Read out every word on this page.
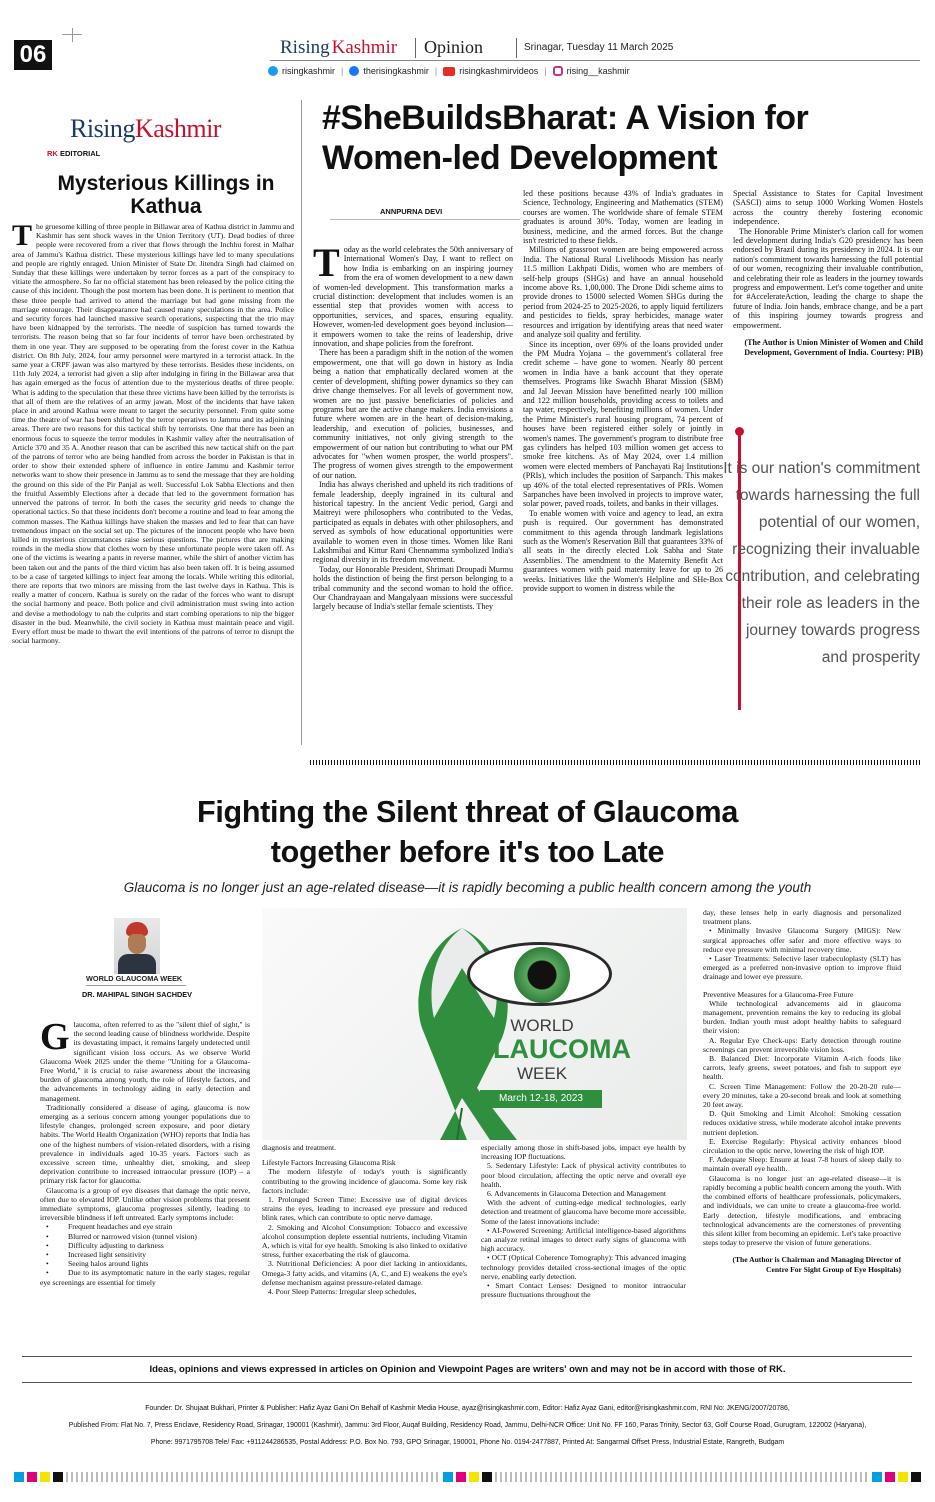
06	Rising Kashmir Opinion	Srinagar, Tuesday 11 March 2025
risingkashmir | therisingkashmir | risingkashmirvideos | rising__kashmir
RisingKashmir
RK EDITORIAL
Mysterious Killings in Kathua
T he gruesome killing of three people in Billawar area of Kathua district in Jammu and Kashmir has sent shock waves in the Union Territory (UT). Dead bodies of three people were recovered from a river that flows through the Inchhu forest in Malhar area of Jammu's Kathua district. These mysterious killings have led to many speculations and people are rightly enraged. Union Minister of State Dr. Jitendra Singh had claimed on Sunday that these killings were undertaken by terror forces as a part of the conspiracy to vitiate the atmosphere. So far no official statement has been released by the police citing the cause of this incident. Though the post mortem has been done. It is pertinent to mention that these three people had arrived to attend the marriage but had gone missing from the marriage entourage. Their disappearance had caused many speculations in the area. Police and security forces had launched massive search operations, suspecting that the trio may have been kidnapped by the terrorists. The needle of suspicion has turned towards the terrorists. The reason being that so far four incidents of terror have been orchestrated by them in one year. They are supposed to be operating from the forest cover in the Kathua district. On 8th July, 2024, four army personnel were martyred in a terrorist attack. In the same year a CRPF jawan was also martyred by these terrorists. Besides these incidents, on 11th July 2024, a terrorist had given a slip after indulging in firing in the Billawar area that has again emerged as the focus of attention due to the mysterious deaths of three people. What is adding to the speculation that these three victims have been killed by the terrorists is that all of them are the relatives of an army jawan. Most of the incidents that have taken place in and around Kathua were meant to target the security personnel. From quite some time the theatre of war has been shifted by the terror operatives to Jammu and its adjoining areas. There are two reasons for this tactical shift by terrorists. One that there has been an enormous focus to squeeze the terror modules in Kashmir valley after the neutralisation of Article 370 and 35 A. Another reason that can be ascribed this new tactical shift on the part of the patrons of terror who are being handled from across the border in Pakistan is that in order to show their extended sphere of influence in entire Jammu and Kashmir terror networks want to show their presence in Jammu as to send the message that they are holding the ground on this side of the Pir Panjal as well. Successful Lok Sabha Elections and then the fruitful Assembly Elections after a decade that led to the government formation has unnerved the patrons of terror. In both the cases the security grid needs to change the operational tactics. So that these incidents don't become a routine and lead to fear among the common masses. The Kathua killings have shaken the masses and led to fear that can have tremendous impact on the social set up. The pictures of the innocent people who have been killed in mysterious circumstances raise serious questions. The pictures that are making rounds in the media show that clothes worn by these unfortunate people were taken off. As one of the victims is wearing a pants in reverse manner, while the shirt of another victim has been taken out and the pants of the third victim has also been taken off. It is being assumed to be a case of targeted killings to inject fear among the locals. While writing this editorial, there are reports that two minors are missing from the last twelve days in Kathua. This is really a matter of concern. Kathua is surely on the radar of the forces who want to disrupt the social harmony and peace. Both police and civil administration must swing into action and devise a methodology to nab the culprits and start combing operations to nip the bigger disaster in the bud. Meanwhile, the civil society in Kathua must maintain peace and vigil. Every effort must be made to thwart the evil intentions of the patrons of terror to disrupt the social harmony.

#SheBuildsBharat: A Vision for
Women-led Development
ANNPURNA DEVI
T oday as the world celebrates the 50th anniversary of International Women's Day, I want to reflect on how India is embarking on an inspiring journey from the era of women development to a new dawn of women-led development. This transformation marks a crucial distinction: development that includes women is an essential step that provides women with access to opportunities, services, and spaces, ensuring equality. However, women-led development goes beyond inclusion—it empowers women to take the reins of leadership, drive innovation, and shape policies from the forefront.

There has been a paradigm shift in the notion of the women empowerment, one that will go down in history as India being a nation that emphatically declared women at the center of development, shifting power dynamics so they can drive change themselves. For all levels of government now, women are no just passive beneficiaries of policies and programs but are the active change makers. India envisions a future where women are in the heart of decision-making, leadership, and execution of policies, businesses, and community initiatives, not only giving strength to the empowerment of our nation but contributing to what our PM advocates for "when women prosper, the world prospers". The progress of women gives strength to the empowerment of our nation.

India has always cherished and upheld its rich traditions of female leadership, deeply ingrained in its cultural and historical tapestry. In the ancient Vedic period, Gargi and Maitreyi were philosophers who contributed to the Vedas, participated as equals in debates with other philosophers, and served as symbols of how educational opportunities were available to women even in those times. Women like Rani Lakshmibai and Kittur Rani Chennamma symbolized India's regional diversity in its freedom movement.

Today, our Honorable President, Shrimati Droupadi Murmu holds the distinction of being the first person belonging to a tribal community and the second woman to hold the office. Our Chandrayaan and Mangalyaan missions were successful largely because of India's stellar female scientists. They

led these positions because 43% of India's graduates in Science, Technology, Engineering and Mathematics (STEM) courses are women. The worldwide share of female STEM graduates is around 30%. Today, women are leading in business, medicine, and the armed forces. But the change isn't restricted to these fields.

Millions of grassroot women are being empowered across India. The National Rural Livelihoods Mission has nearly 11.5 million Lakhpati Didis, women who are members of self-help groups (SHGs) and have an annual household income above Rs. 1,00,000. The Drone Didi scheme aims to provide drones to 15000 selected Women SHGs during the period from 2024-25 to 2025-2026, to apply liquid fertilizers and pesticides to fields, spray herbicides, manage water resources and irrigation by identifying areas that need water and analyze soil quality and fertility.

Since its inception, over 69% of the loans provided under the PM Mudra Yojana – the government's collateral free credit scheme – have gone to women. Nearly 80 percent women in India have a bank account that they operate themselves. Programs like Swachh Bharat Mission (SBM) and Jal Jeevan Mission have benefitted nearly 100 million and 122 million households, providing access to toilets and tap water, respectively, benefiting millions of women. Under the Prime Minister's rural housing program, 74 percent of houses have been registered either solely or jointly in women's names. The government's program to distribute free gas cylinders has helped 103 million women get access to smoke free kitchens. As of May 2024, over 1.4 million women were elected members of Panchayati Raj Institutions (PRIs), which includes the position of Sarpanch. This makes up 46% of the total elected representatives of PRIs. Women Sarpanches have been involved in projects to improve water, solar power, paved roads, toilets, and banks in their villages.

To enable women with voice and agency to lead, an extra push is required. Our government has demonstrated commitment to this agenda through landmark legislations such as the Women's Reservation Bill that guarantees 33% of all seats in the directly elected Lok Sabha and State Assemblies. The amendment to the Maternity Benefit Act guarantees women with paid maternity leave for up to 26 weeks. Initiatives like the Women's Helpline and SHe-Box provide support to women in distress while the

Special Assistance to States for Capital Investment (SASCI) aims to setup 1000 Working Women Hostels across the country thereby fostering economic independence.

The Honorable Prime Minister's clarion call for women led development during India's G20 presidency has been endorsed by Brazil during its presidency in 2024. It is our nation's commitment towards harnessing the full potential of our women, recognizing their invaluable contribution, and celebrating their role as leaders in the journey towards progress and empowerment. Let's come together and unite for #AccelerateAction, leading the charge to shape the future of India. Join hands, embrace change, and be a part of this inspiring journey towards progress and empowerment.

(The Author is Union Minister of Women and Child Development, Government of India. Courtesy: PIB)

It is our nation's commitment towards harnessing the full potential of our women, recognizing their invaluable contribution, and celebrating their role as leaders in the journey towards progress and prosperity
Fighting the Silent threat of Glaucoma
together before it's too Late
Glaucoma is no longer just an age-related disease—it is rapidly becoming a public health concern among the youth
WORLD GLAUCOMA WEEK
DR. MAHIPAL SINGH SACHDEV
WORLD
GLAUCOMA
WEEK
March 12-18, 2023
G laucoma, often referred to as the "silent thief of sight," is the second leading cause of blindness worldwide. Despite its devastating impact, it remains largely undetected until significant vision loss occurs. As we observe World Glaucoma Week 2025 under the theme "Uniting for a Glaucoma-Free World," it is crucial to raise awareness about the increasing burden of glaucoma among youth, the role of lifestyle factors, and the advancements in technology aiding in early detection and management.

Traditionally considered a disease of aging, glaucoma is now emerging as a serious concern among younger populations due to lifestyle changes, prolonged screen exposure, and poor dietary habits. The World Health Organization (WHO) reports that India has one of the highest numbers of vision-related disorders, with a rising prevalence in individuals aged 10-35 years. Factors such as excessive screen time, unhealthy diet, smoking, and sleep deprivation contribute to increased intraocular pressure (IOP) – a primary risk factor for glaucoma.

Glaucoma is a group of eye diseases that damage the optic nerve, often due to elevated IOP. Unlike other vision problems that present immediate symptoms, glaucoma progresses silently, leading to irreversible blindness if left untreated. Early symptoms include:

• Frequent headaches and eye strain
• Blurred or narrowed vision (tunnel vision)
• Difficulty adjusting to darkness
• Increased light sensitivity
• Seeing halos around lights
• Due to its asymptomatic nature in the early stages, regular eye screenings are essential for timely

diagnosis and treatment.

Lifestyle Factors Increasing Glaucoma Risk

The modern lifestyle of today's youth is significantly contributing to the growing incidence of glaucoma. Some key risk factors include:

1. Prolonged Screen Time: Excessive use of digital devices strains the eyes, leading to increased eye pressure and reduced blink rates, which can contribute to optic nerve damage.

2. Smoking and Alcohol Consumption: Tobacco and excessive alcohol consumption deplete essential nutrients, including Vitamin A, which is vital for eye health. Smoking is also linked to oxidative stress, further exacerbating the risk of glaucoma.

3. Nutritional Deficiencies: A poor diet lacking in antioxidants, Omega-3 fatty acids, and vitamins (A, C, and E) weakens the eye's defense mechanism against pressure-related damage.

4. Poor Sleep Patterns: Irregular sleep schedules,

especially among those in shift-based jobs, impact eye health by increasing IOP fluctuations.

5. Sedentary Lifestyle: Lack of physical activity contributes to poor blood circulation, affecting the optic nerve and overall eye health.

6. Advancements in Glaucoma Detection and Management

With the advent of cutting-edge medical technologies, early detection and treatment of glaucoma have become more accessible. Some of the latest innovations include:

• AI-Powered Screening: Artificial intelligence-based algorithms can analyze retinal images to detect early signs of glaucoma with high accuracy.

• OCT (Optical Coherence Tomography): This advanced imaging technology provides detailed cross-sectional images of the optic nerve, enabling early detection.

• Smart Contact Lenses: Designed to monitor intraocular pressure fluctuations throughout the

day, these lenses help in early diagnosis and personalized treatment plans.

• Minimally Invasive Glaucoma Surgery (MIGS): New surgical approaches offer safer and more effective ways to reduce eye pressure with minimal recovery time.

• Laser Treatments: Selective laser trabeculoplasty (SLT) has emerged as a preferred non-invasive option to improve fluid drainage and lower eye pressure.

Preventive Measures for a Glaucoma-Free Future

While technological advancements aid in glaucoma management, prevention remains the key to reducing its global burden. Indian youth must adopt healthy habits to safeguard their vision:

A. Regular Eye Check-ups: Early detection through routine screenings can prevent irreversible vision loss.

B. Balanced Diet: Incorporate Vitamin A-rich foods like carrots, leafy greens, sweet potatoes, and fish to support eye health.

C. Screen Time Management: Follow the 20-20-20 rule—every 20 minutes, take a 20-second break and look at something 20 feet away.

D. Quit Smoking and Limit Alcohol: Smoking cessation reduces oxidative stress, while moderate alcohol intake prevents nutrient depletion.

E. Exercise Regularly: Physical activity enhances blood circulation to the optic nerve, lowering the risk of high IOP.

F. Adequate Sleep: Ensure at least 7-8 hours of sleep daily to maintain overall eye health.

Glaucoma is no longer just an age-related disease—it is rapidly becoming a public health concern among the youth. With the combined efforts of healthcare professionals, policymakers, and individuals, we can unite to create a glaucoma-free world. Early detection, lifestyle modifications, and embracing technological advancements are the cornerstones of preventing this silent killer from becoming an epidemic. Let's take proactive steps today to preserve the vision of future generations.

(The Author is Chairman and Managing Director of Centre For Sight Group of Eye Hospitals)

Ideas, opinions and views expressed in articles on Opinion and Viewpoint Pages are writers' own and may not be in accord with those of RK.
Founder: Dr. Shujaat Bukhari, Printer & Publisher: Hafiz Ayaz Gani On Behalf of Kashmir Media House, ayaz@risingkashmir.com, Editor: Hafiz Ayaz Gani, editor@risingkashmir.com, RNI No: JKENG/2007/20786,
Published From: Flat No. 7, Press Enclave, Residency Road, Srinagar, 190001 (Kashmir), Jammu: 3rd Floor, Auqaf Building, Residency Road, Jammu, Delhi-NCR Office: Unit No. FF 160, Paras Trinity, Sector 63, Golf Course Road, Gurugram, 122002 (Haryana),
Phone: 9971795708 Tele/ Fax: +911244286535, Postal Address: P.O. Box No. 793, GPO Srinagar, 190001, Phone No. 0194-2477887, Printed At: Sangarmal Offset Press, Industrial Estate, Rangreth, Budgam
